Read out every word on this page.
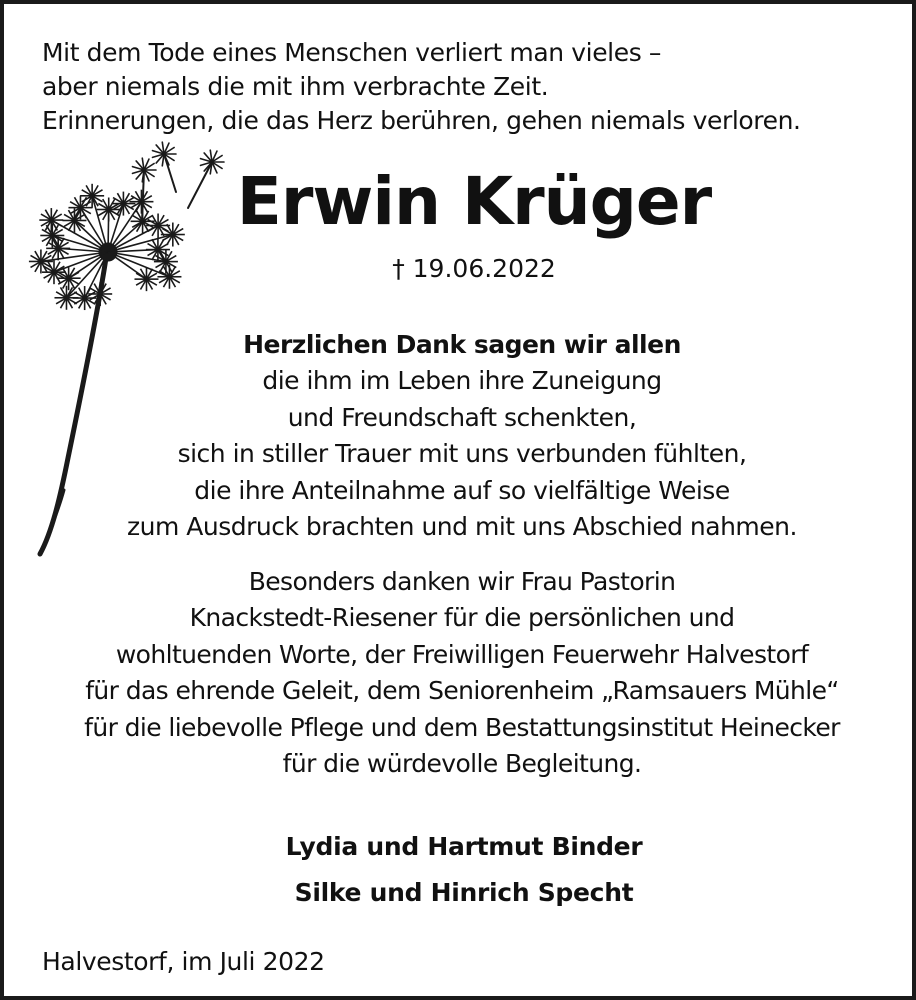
Mit dem Tode eines Menschen verliert man vieles –
aber niemals die mit ihm verbrachte Zeit.
Erinnerungen, die das Herz berühren, gehen niemals verloren.
Erwin Krüger
† 19.06.2022
Herzlichen Dank sagen wir allen
die ihm im Leben ihre Zuneigung
und Freundschaft schenkten,
sich in stiller Trauer mit uns verbunden fühlten,
die ihre Anteilnahme auf so vielfältige Weise
zum Ausdruck brachten und mit uns Abschied nahmen.
Besonders danken wir Frau Pastorin
Knackstedt-Riesener für die persönlichen und
wohltuenden Worte, der Freiwilligen Feuerwehr Halvestorf
für das ehrende Geleit, dem Seniorenheim „Ramsauers Mühle“
für die liebevolle Pflege und dem Bestattungsinstitut Heinecker
für die würdevolle Begleitung.
Lydia und Hartmut Binder
Silke und Hinrich Specht
Halvestorf, im Juli 2022
